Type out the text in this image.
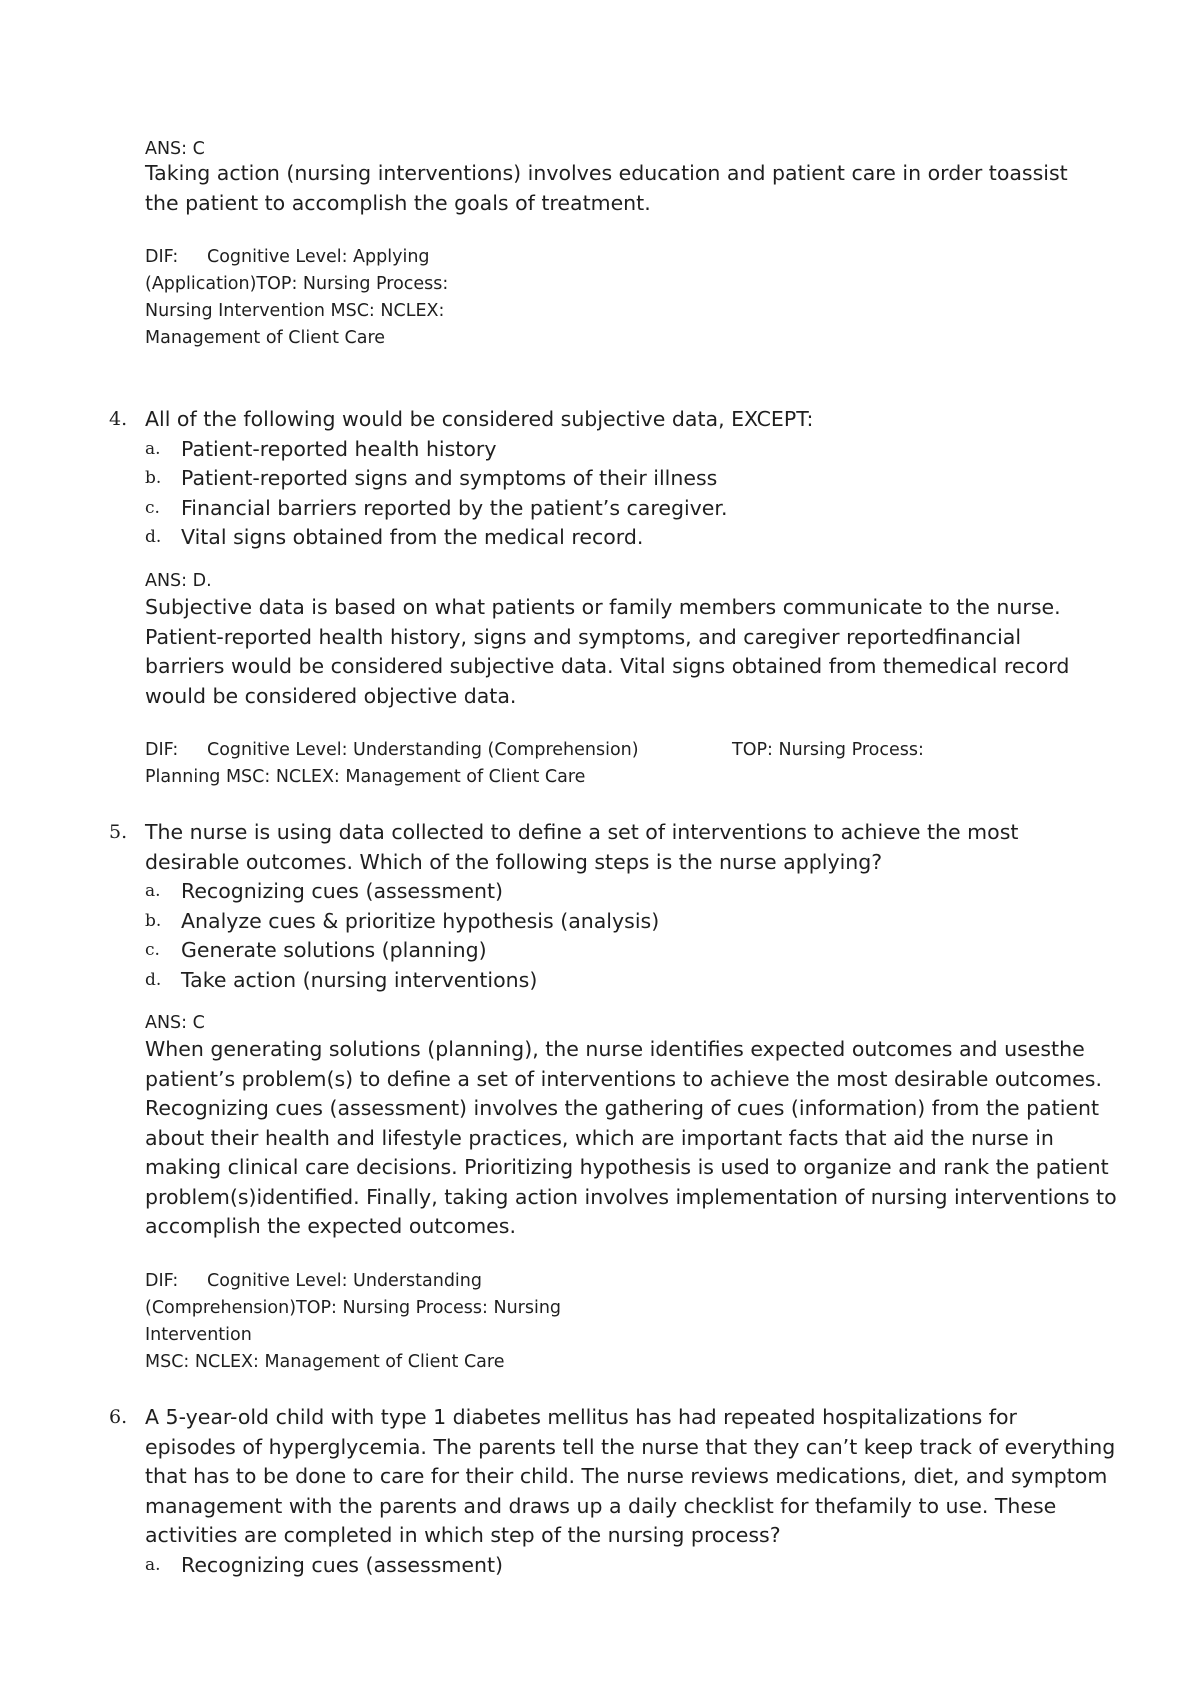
ANS: C
Taking action (nursing interventions) involves education and patient care in order toassist
the patient to accomplish the goals of treatment.
DIF: Cognitive Level: Applying
(Application)TOP: Nursing Process:
Nursing Intervention MSC: NCLEX:
Management of Client Care
4. All of the following would be considered subjective data, EXCEPT:
a. Patient-reported health history
b. Patient-reported signs and symptoms of their illness
c. Financial barriers reported by the patient’s caregiver.
d. Vital signs obtained from the medical record.
ANS: D.
Subjective data is based on what patients or family members communicate to the nurse.
Patient-reported health history, signs and symptoms, and caregiver reportedfinancial
barriers would be considered subjective data. Vital signs obtained from themedical record
would be considered objective data.
DIF: Cognitive Level: Understanding (Comprehension)	TOP: Nursing Process:
Planning MSC: NCLEX: Management of Client Care
5. The nurse is using data collected to define a set of interventions to achieve the most
desirable outcomes. Which of the following steps is the nurse applying?
a. Recognizing cues (assessment)
b. Analyze cues & prioritize hypothesis (analysis)
c. Generate solutions (planning)
d. Take action (nursing interventions)
ANS: C
When generating solutions (planning), the nurse identifies expected outcomes and usesthe
patient’s problem(s) to define a set of interventions to achieve the most desirable outcomes.
Recognizing cues (assessment) involves the gathering of cues (information) from the patient
about their health and lifestyle practices, which are important facts that aid the nurse in
making clinical care decisions. Prioritizing hypothesis is used to organize and rank the patient
problem(s)identified. Finally, taking action involves implementation of nursing interventions to
accomplish the expected outcomes.
DIF: Cognitive Level: Understanding
(Comprehension)TOP: Nursing Process: Nursing
Intervention
MSC: NCLEX: Management of Client Care
6. A 5-year-old child with type 1 diabetes mellitus has had repeated hospitalizations for
episodes of hyperglycemia. The parents tell the nurse that they can’t keep track of everything
that has to be done to care for their child. The nurse reviews medications, diet, and symptom
management with the parents and draws up a daily checklist for thefamily to use. These
activities are completed in which step of the nursing process?
a. Recognizing cues (assessment)
